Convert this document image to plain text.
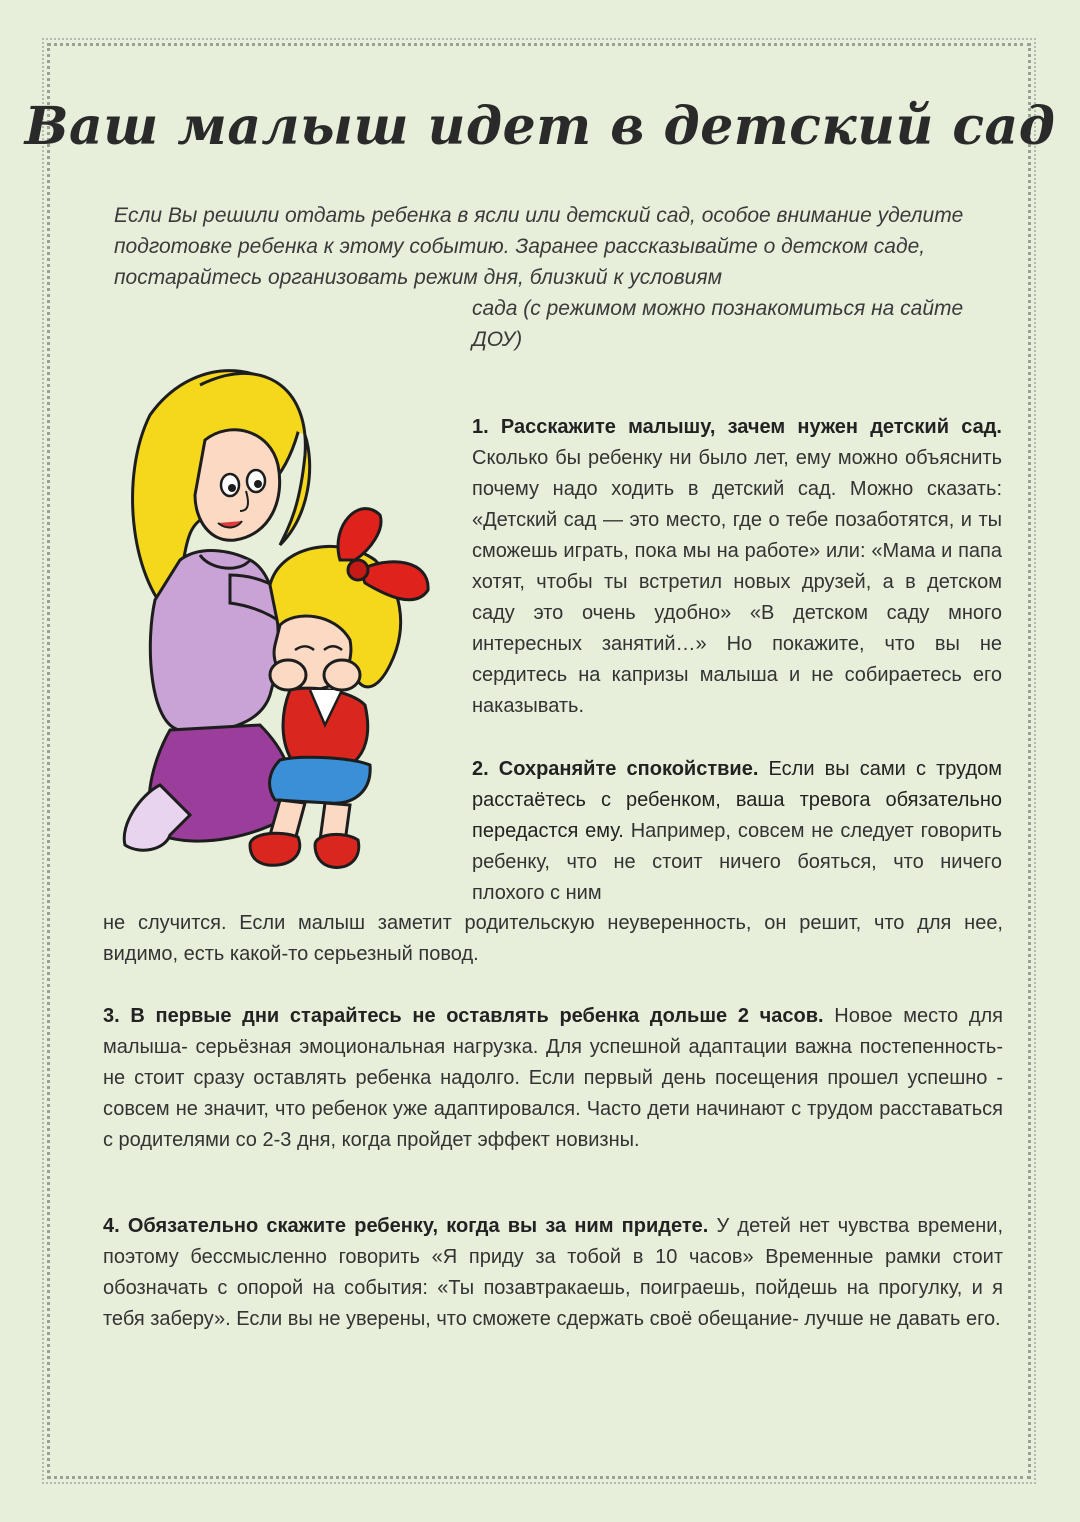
Ваш малыш идет в детский сад

Если Вы решили отдать ребенка в ясли или детский сад, особое внимание уделите подготовке ребенка к этому событию. Заранее рассказывайте о детском саде, постарайтесь организовать режим дня, близкий к условиям

сада (с режимом можно познакомиться на сайте ДОУ)

1. Расскажите малышу, зачем нужен детский сад. Сколько бы ребенку ни было лет, ему можно объяснить почему надо ходить в детский сад. Можно сказать: «Детский сад — это место, где о тебе позаботятся, и ты сможешь играть, пока мы на работе» или: «Мама и папа хотят, чтобы ты встретил новых друзей, а в детском саду это очень удобно» «В детском саду много интересных занятий…» Но покажите, что вы не сердитесь на капризы малыша и не собираетесь его наказывать.

2. Сохраняйте спокойствие. Если вы сами с трудом расстаётесь с ребенком, ваша тревога обязательно передастся ему. Например, совсем не следует говорить ребенку, что не стоит ничего бояться, что ничего плохого с ним

не случится. Если малыш заметит родительскую неуверенность, он решит, что для нее, видимо, есть какой-то серьезный повод.

3. В первые дни старайтесь не оставлять ребенка дольше 2 часов. Новое место для малыша- серьёзная эмоциональная нагрузка. Для успешной адаптации важна постепенность- не стоит сразу оставлять ребенка надолго. Если первый день посещения прошел успешно - совсем не значит, что ребенок уже адаптировался. Часто дети начинают с трудом расставаться с родителями со 2-3 дня, когда пройдет эффект новизны.

4. Обязательно скажите ребенку, когда вы за ним придете. У детей нет чувства времени, поэтому бессмысленно говорить «Я приду за тобой в 10 часов» Временные рамки стоит обозначать с опорой на события: «Ты позавтракаешь, поиграешь, пойдешь на прогулку, и я тебя заберу». Если вы не уверены, что сможете сдержать своё обещание- лучше не давать его.
